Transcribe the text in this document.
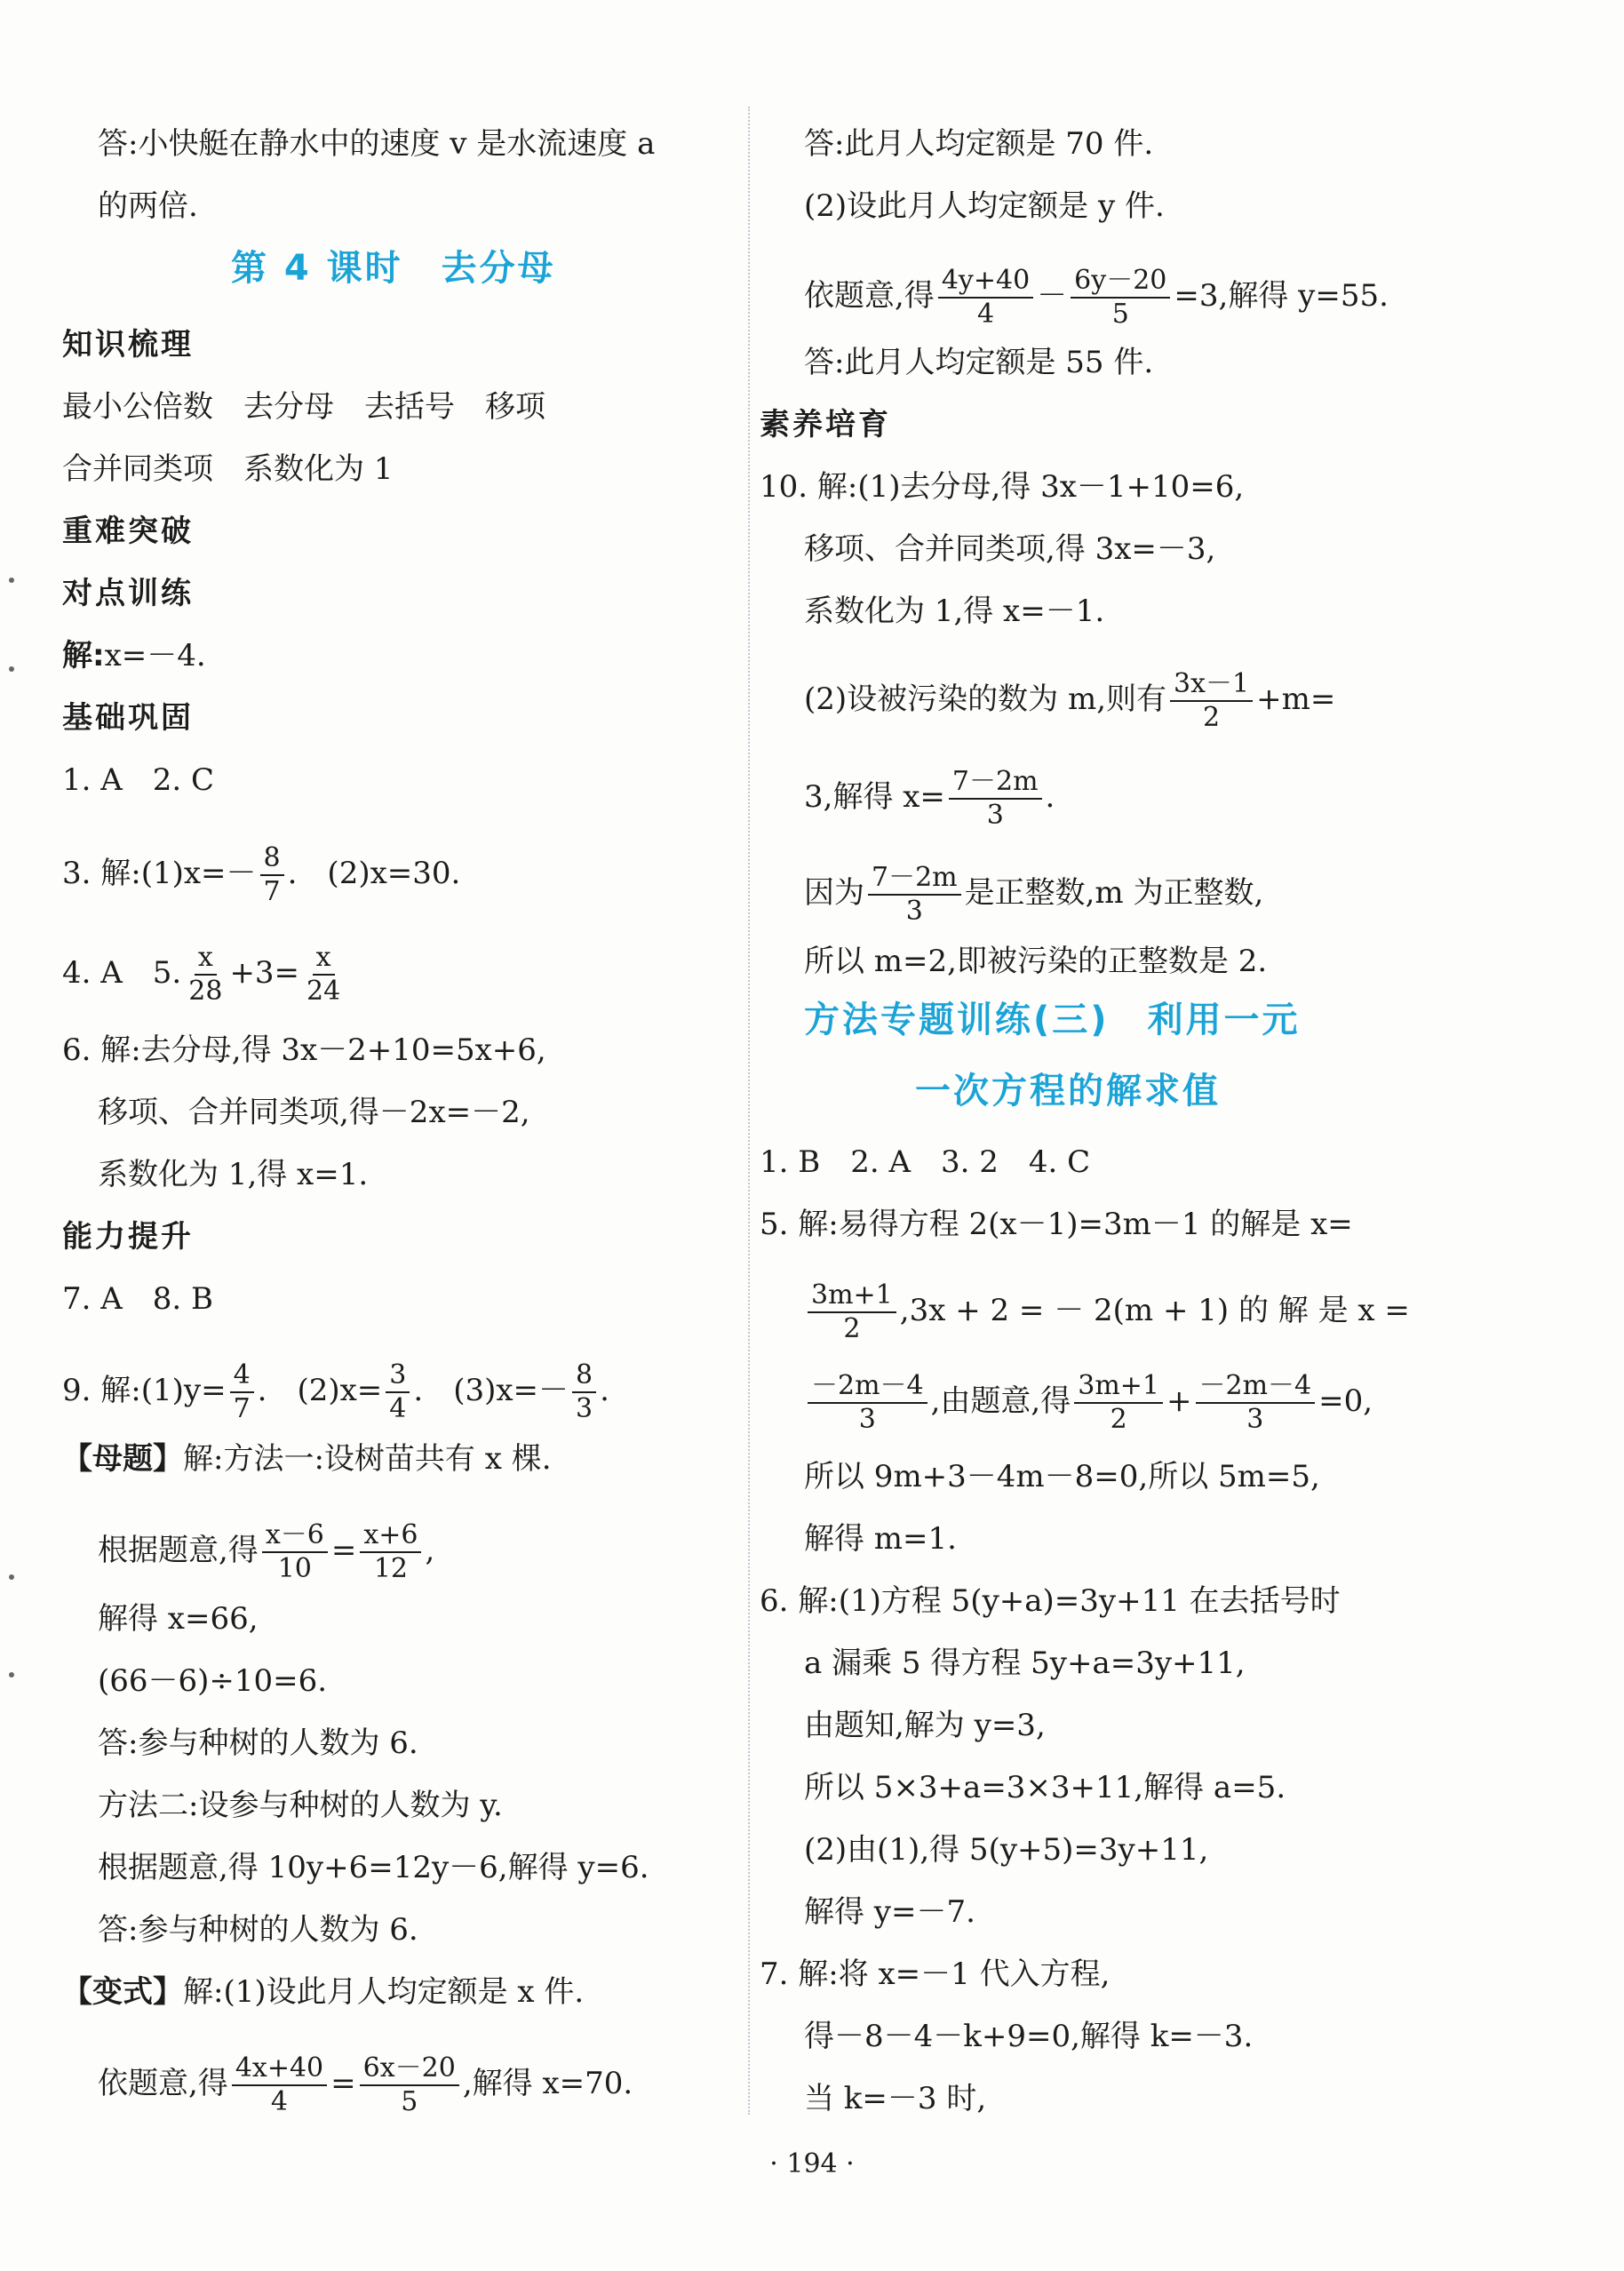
答:小快艇在静水中的速度 v 是水流速度 a
的两倍.
第 4 课时　去分母
知识梳理
最小公倍数　去分母　去括号　移项
合并同类项　系数化为 1
重难突破
对点训练
解:x=－4.
基础巩固
1. A　2. C
3. 解:(1)x=－ $\frac{8}{7}$ .　(2)x=30.
4. A　5. $\frac{x}{28} +3= \frac{x}{24}$
6. 解:去分母,得 3x－2+10=5x+6,
移项、合并同类项,得－2x=－2,
系数化为 1,得 x=1.
能力提升
7. A　8. B
9. 解:(1)y= $\frac{4}{7}$ .　$(2)x= \frac{3}{4}$ .　$(3)x=- \frac{8}{3}$ .
【母题】解:方法一:设树苗共有 x 棵.
根据题意,得 $\frac{x-6}{10} = \frac{x+6}{12}$ ,
解得 x=66,
(66－6)÷10=6.
答:参与种树的人数为 6.
方法二:设参与种树的人数为 y.
根据题意,得 10y+6=12y－6,解得 y=6.
答:参与种树的人数为 6.
【变式】解:(1)设此月人均定额是 x 件.
依题意,得 $\frac{4x+40}{4} = \frac{6x-20}{5}$ ,解得 x=70.
答:此月人均定额是 70 件.
(2)设此月人均定额是 y 件.
依题意,得 $\frac{4y+40}{4} - \frac{6y-20}{5} =3$,解得 y=55.
答:此月人均定额是 55 件.
素养培育
10. 解:(1)去分母,得 3x－1+10=6,
移项、合并同类项,得 3x=－3,
系数化为 1,得 x=－1.
(2)设被污染的数为 m,则有 $\frac{3x-1}{2} +m=$
3,解得 $x= \frac{7-2m}{3}$ .
因为 $\frac{7-2m}{3}$ 是正整数,m 为正整数,
所以 m=2,即被污染的正整数是 2.
方法专题训练(三)　利用一元
一次方程的解求值
1. B　2. A　3. 2　4. C
5. 解:易得方程 2(x－1)=3m－1 的解是 x=
$\frac{3m+1}{2} ,3x + 2$ = － 2(m + 1) 的 解 是 x =
$\frac{-2m-4}{3}$ ,由题意,得 $\frac{3m+1}{2} + \frac{-2m-4}{3} =0$,
所以 9m+3－4m－8=0,所以 5m=5,
解得 m=1.
6. 解:(1)方程 5(y+a)=3y+11 在去括号时
a 漏乘 5 得方程 5y+a=3y+11,
由题知,解为 y=3,
所以 5×3+a=3×3+11,解得 a=5.
(2)由(1),得 5(y+5)=3y+11,
解得 y=－7.
7. 解:将 x=－1 代入方程,
得－8－4－k+9=0,解得 k=－3.
当 k=－3 时,
· 194 ·
